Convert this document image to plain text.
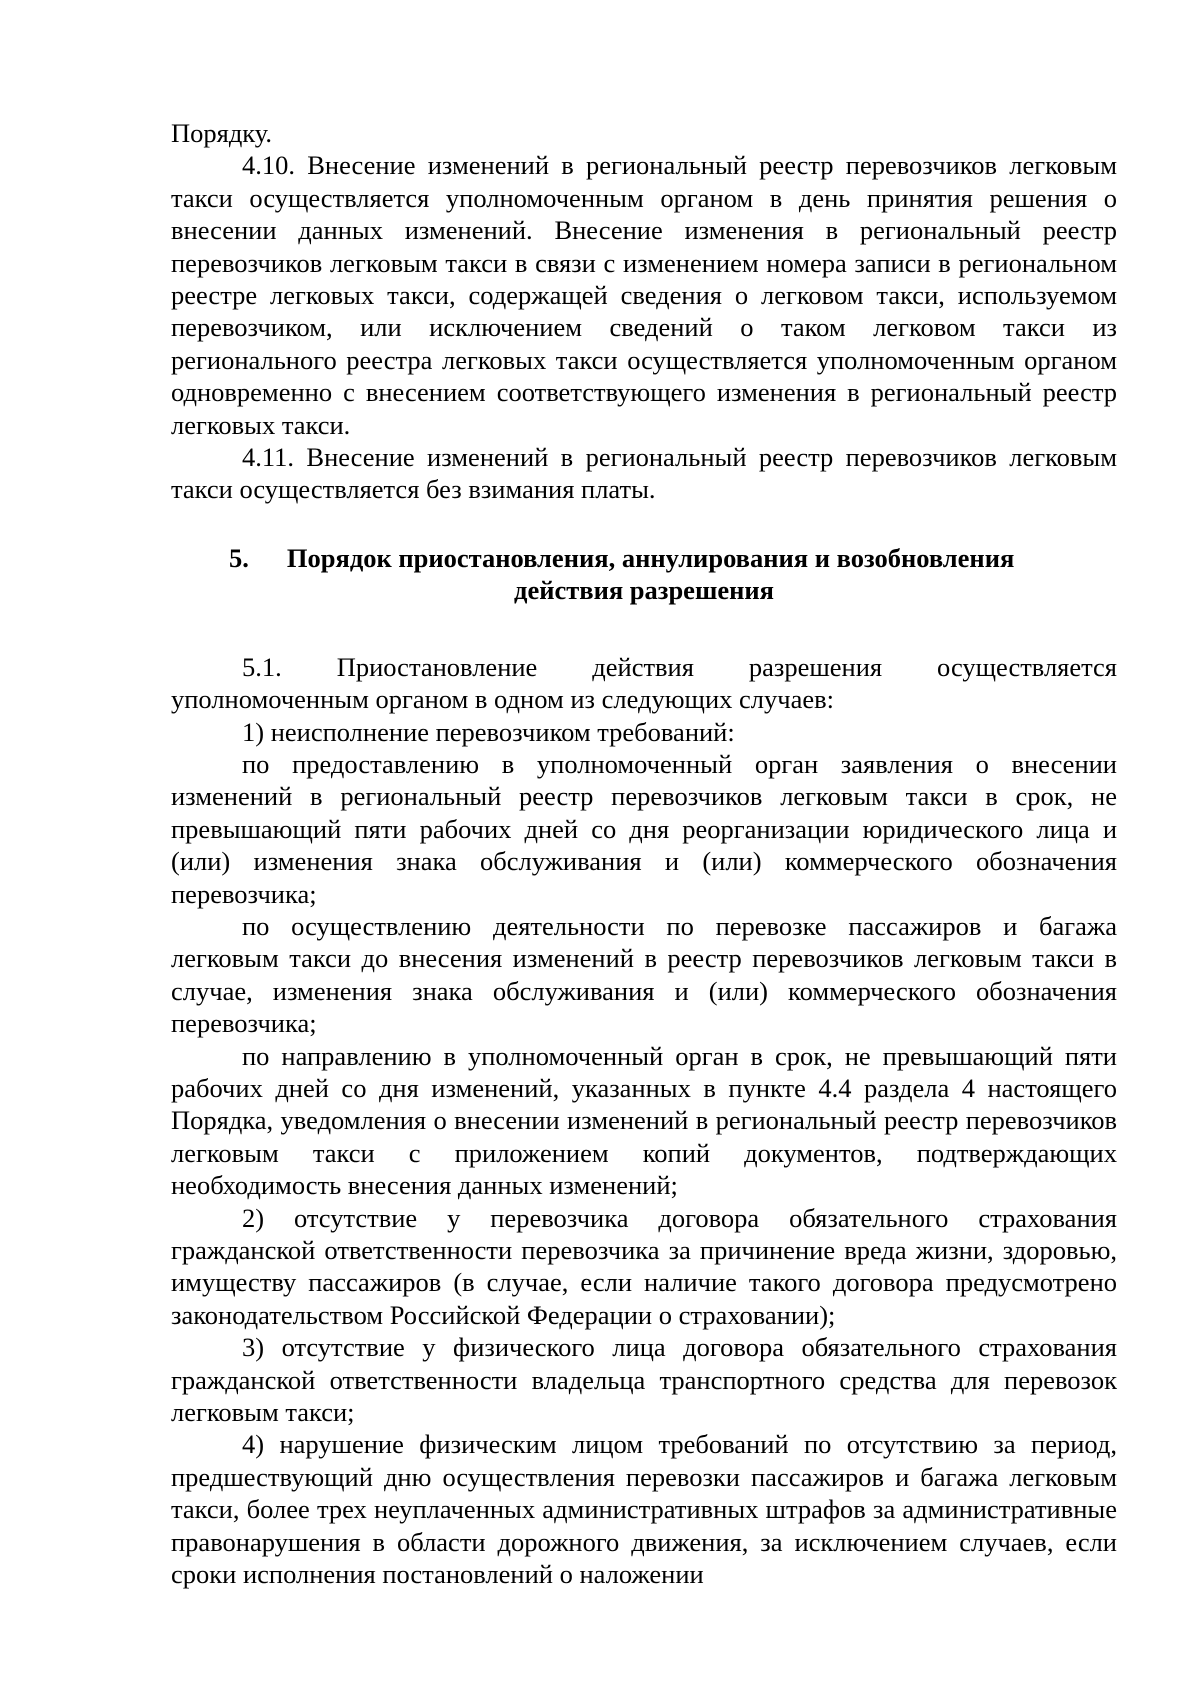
Порядку.

4.10. Внесение изменений в региональный реестр перевозчиков легковым такси осуществляется уполномоченным органом в день принятия решения о внесении данных изменений. Внесение изменения в региональный реестр перевозчиков легковым такси в связи с изменением номера записи в региональном реестре легковых такси, содержащей сведения о легковом такси, используемом перевозчиком, или исключением сведений о таком легковом такси из регионального реестра легковых такси осуществляется уполномоченным органом одновременно с внесением соответствующего изменения в региональный реестр легковых такси.

4.11. Внесение изменений в региональный реестр перевозчиков легковым такси осуществляется без взимания платы.

5. Порядок приостановления, аннулирования и возобновления
действия разрешения

5.1. Приостановление действия разрешения осуществляется уполномоченным органом в одном из следующих случаев:

1) неисполнение перевозчиком требований:

по предоставлению в уполномоченный орган заявления о внесении изменений в региональный реестр перевозчиков легковым такси в срок, не превышающий пяти рабочих дней со дня реорганизации юридического лица и (или) изменения знака обслуживания и (или) коммерческого обозначения перевозчика;

по осуществлению деятельности по перевозке пассажиров и багажа легковым такси до внесения изменений в реестр перевозчиков легковым такси в случае, изменения знака обслуживания и (или) коммерческого обозначения перевозчика;

по направлению в уполномоченный орган в срок, не превышающий пяти рабочих дней со дня изменений, указанных в пункте 4.4 раздела 4 настоящего Порядка, уведомления о внесении изменений в региональный реестр перевозчиков легковым такси с приложением копий документов, подтверждающих необходимость внесения данных изменений;

2) отсутствие у перевозчика договора обязательного страхования гражданской ответственности перевозчика за причинение вреда жизни, здоровью, имуществу пассажиров (в случае, если наличие такого договора предусмотрено законодательством Российской Федерации о страховании);

3) отсутствие у физического лица договора обязательного страхования гражданской ответственности владельца транспортного средства для перевозок легковым такси;

4) нарушение физическим лицом требований по отсутствию за период, предшествующий дню осуществления перевозки пассажиров и багажа легковым такси, более трех неуплаченных административных штрафов за административные правонарушения в области дорожного движения, за исключением случаев, если сроки исполнения постановлений о наложении
